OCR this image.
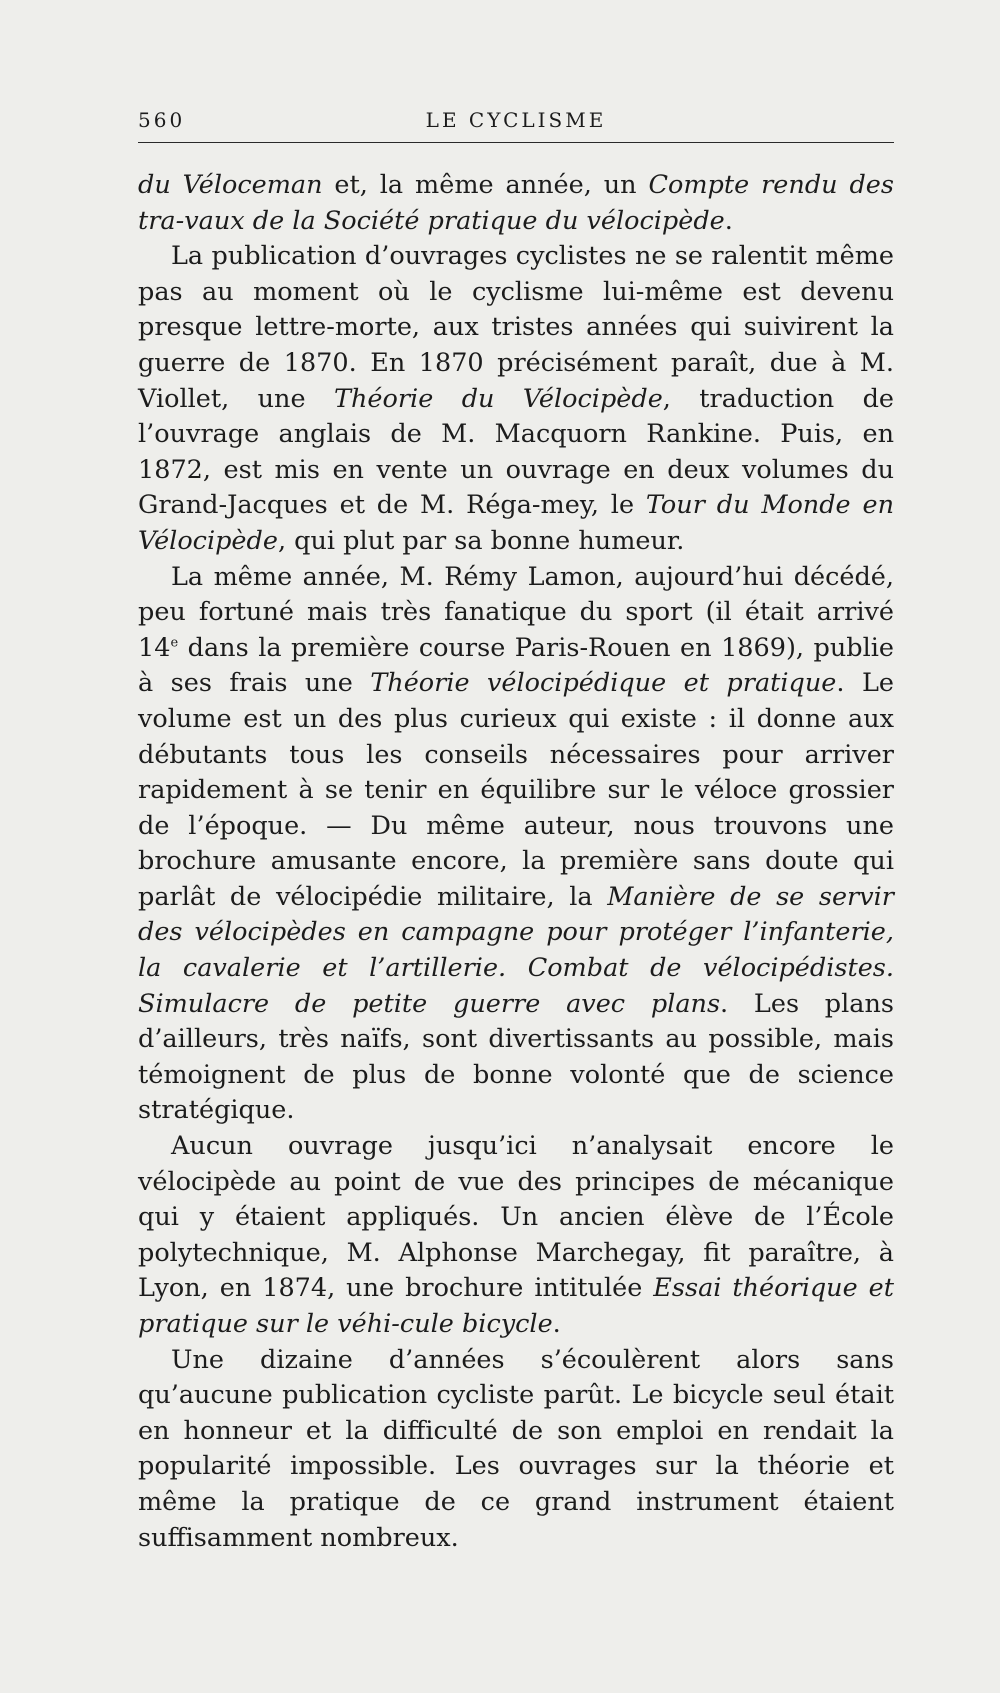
560	LE CYCLISME

du Véloceman et, la même année, un Compte rendu des tra-vaux de la Société pratique du vélocipède.

La publication d’ouvrages cyclistes ne se ralentit même pas au moment où le cyclisme lui-même est devenu presque lettre-morte, aux tristes années qui suivirent la guerre de 1870. En 1870 précisément paraît, due à M. Viollet, une Théorie du Vélocipède, traduction de l’ouvrage anglais de M. Macquorn Rankine. Puis, en 1872, est mis en vente un ouvrage en deux volumes du Grand-Jacques et de M. Réga-mey, le Tour du Monde en Vélocipède, qui plut par sa bonne humeur.

La même année, M. Rémy Lamon, aujourd’hui décédé, peu fortuné mais très fanatique du sport (il était arrivé 14e dans la première course Paris-Rouen en 1869), publie à ses frais une Théorie vélocipédique et pratique. Le volume est un des plus curieux qui existe : il donne aux débutants tous les conseils nécessaires pour arriver rapidement à se tenir en équilibre sur le véloce grossier de l’époque. — Du même auteur, nous trouvons une brochure amusante encore, la première sans doute qui parlât de vélocipédie militaire, la Manière de se servir des vélocipèdes en campagne pour protéger l’infanterie, la cavalerie et l’artillerie. Combat de vélocipédistes. Simulacre de petite guerre avec plans. Les plans d’ailleurs, très naïfs, sont divertissants au possible, mais témoignent de plus de bonne volonté que de science stratégique.

Aucun ouvrage jusqu’ici n’analysait encore le vélocipède au point de vue des principes de mécanique qui y étaient appliqués. Un ancien élève de l’École polytechnique, M. Alphonse Marchegay, fit paraître, à Lyon, en 1874, une brochure intitulée Essai théorique et pratique sur le véhi-cule bicycle.

Une dizaine d’années s’écoulèrent alors sans qu’aucune publication cycliste parût. Le bicycle seul était en honneur et la difficulté de son emploi en rendait la popularité impossible. Les ouvrages sur la théorie et même la pratique de ce grand instrument étaient suffisamment nombreux.
